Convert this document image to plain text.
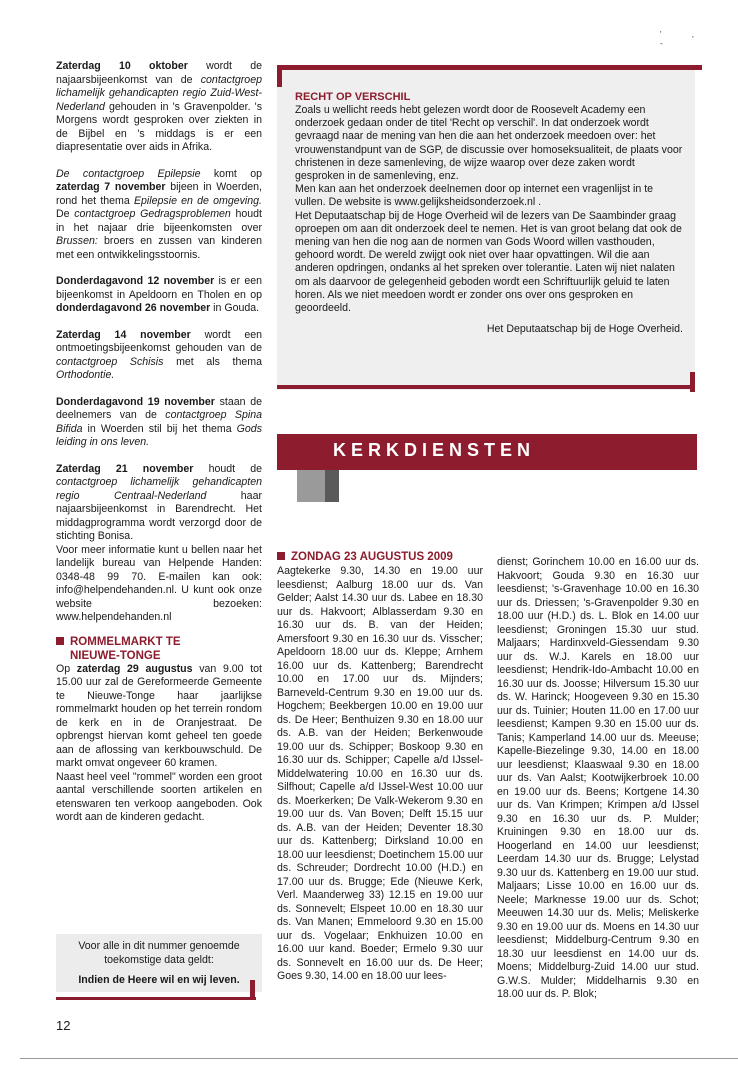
' , -

Zaterdag 10 oktober wordt de najaarsbijeenkomst van de contactgroep lichamelijk gehandicapten regio Zuid-West-Nederland gehouden in 's Gravenpolder. 's Morgens wordt gesproken over ziekten in de Bijbel en 's middags is er een diapresentatie over aids in Afrika.

De contactgroep Epilepsie komt op zaterdag 7 november bijeen in Woerden, rond het thema Epilepsie en de omgeving. De contactgroep Gedragsproblemen houdt in het najaar drie bijeenkomsten over Brussen: broers en zussen van kinderen met een ontwikkelingsstoornis.

Donderdagavond 12 november is er een bijeenkomst in Apeldoorn en Tholen en op donderdagavond 26 november in Gouda.

Zaterdag 14 november wordt een ontmoetingsbijeenkomst gehouden van de contactgroep Schisis met als thema Orthodontie.

Donderdagavond 19 november staan de deelnemers van de contactgroep Spina Bifida in Woerden stil bij het thema Gods leiding in ons leven.

Zaterdag 21 november houdt de contactgroep lichamelijk gehandicapten regio Centraal-Nederland haar najaarsbijeenkomst in Barendrecht. Het middagprogramma wordt verzorgd door de stichting Bonisa.
Voor meer informatie kunt u bellen naar het landelijk bureau van Helpende Handen: 0348-48 99 70. E-mailen kan ook: info@helpendehanden.nl. U kunt ook onze website bezoeken: www.helpendehanden.nl

ROMMELMARKT TE
NIEUWE-TONGE

Op zaterdag 29 augustus van 9.00 tot 15.00 uur zal de Gereformeerde Gemeente te Nieuwe-Tonge haar jaarlijkse rommelmarkt houden op het terrein rondom de kerk en in de Oranjestraat. De opbrengst hiervan komt geheel ten goede aan de aflossing van kerkbouwschuld. De markt omvat ongeveer 60 kramen.
Naast heel veel "rommel" worden een groot aantal verschillende soorten artikelen en etenswaren ten verkoop aangeboden. Ook wordt aan de kinderen gedacht.

Voor alle in dit nummer genoemde
toekomstige data geldt:
Indien de Heere wil en wij leven.
RECHT OP VERSCHIL

Zoals u wellicht reeds hebt gelezen wordt door de Roosevelt Academy een onderzoek gedaan onder de titel 'Recht op verschil'. In dat onderzoek wordt gevraagd naar de mening van hen die aan het onderzoek meedoen over: het vrouwenstandpunt van de SGP, de discussie over homoseksualiteit, de plaats voor christenen in deze samenleving, de wijze waarop over deze zaken wordt gesproken in de samenleving, enz.

Men kan aan het onderzoek deelnemen door op internet een vragenlijst in te vullen. De website is www.gelijksheidsonderzoek.nl .

Het Deputaatschap bij de Hoge Overheid wil de lezers van De Saambinder graag oproepen om aan dit onderzoek deel te nemen. Het is van groot belang dat ook de mening van hen die nog aan de normen van Gods Woord willen vasthouden, gehoord wordt. De wereld zwijgt ook niet over haar opvattingen. Wil die aan anderen opdringen, ondanks al het spreken over tolerantie. Laten wij niet nalaten om als daarvoor de gelegenheid geboden wordt een Schriftuurlijk geluid te laten horen. Als we niet meedoen wordt er zonder ons over ons gesproken en geoordeeld.

Het Deputaatschap bij de Hoge Overheid.

KERKDIENSTEN
ZONDAG 23 AUGUSTUS 2009

Aagtekerke 9.30, 14.30 en 19.00 uur leesdienst; Aalburg 18.00 uur ds. Van Gelder; Aalst 14.30 uur ds. Labee en 18.30 uur ds. Hakvoort; Alblasserdam 9.30 en 16.30 uur ds. B. van der Heiden; Amersfoort 9.30 en 16.30 uur ds. Visscher; Apeldoorn 18.00 uur ds. Kleppe; Arnhem 16.00 uur ds. Kattenberg; Barendrecht 10.00 en 17.00 uur ds. Mijnders; Barneveld-Centrum 9.30 en 19.00 uur ds. Hogchem; Beekbergen 10.00 en 19.00 uur ds. De Heer; Benthuizen 9.30 en 18.00 uur ds. A.B. van der Heiden; Berkenwoude 19.00 uur ds. Schipper; Boskoop 9.30 en 16.30 uur ds. Schipper; Capelle a/d IJssel-Middelwatering 10.00 en 16.30 uur ds. Silfhout; Capelle a/d IJssel-West 10.00 uur ds. Moerkerken; De Valk-Wekerom 9.30 en 19.00 uur ds. Van Boven; Delft 15.15 uur ds. A.B. van der Heiden; Deventer 18.30 uur ds. Kattenberg; Dirksland 10.00 en 18.00 uur leesdienst; Doetinchem 15.00 uur ds. Schreuder; Dordrecht 10.00 (H.D.) en 17.00 uur ds. Brugge; Ede (Nieuwe Kerk, Verl. Maanderweg 33) 12.15 en 19.00 uur ds. Sonnevelt; Elspeet 10.00 en 18.30 uur ds. Van Manen; Emmeloord 9.30 en 15.00 uur ds. Vogelaar; Enkhuizen 10.00 en 16.00 uur kand. Boeder; Ermelo 9.30 uur ds. Sonnevelt en 16.00 uur ds. De Heer; Goes 9.30, 14.00 en 18.00 uur lees-

dienst; Gorinchem 10.00 en 16.00 uur ds. Hakvoort; Gouda 9.30 en 16.30 uur leesdienst; 's-Gravenhage 10.00 en 16.30 uur ds. Driessen; 's-Gravenpolder 9.30 en 18.00 uur (H.D.) ds. L. Blok en 14.00 uur leesdienst; Groningen 15.30 uur stud. Maljaars; Hardinxveld-Giessendam 9.30 uur ds. W.J. Karels en 18.00 uur leesdienst; Hendrik-Ido-Ambacht 10.00 en 16.30 uur ds. Joosse; Hilversum 15.30 uur ds. W. Harinck; Hoogeveen 9.30 en 15.30 uur ds. Tuinier; Houten 11.00 en 17.00 uur leesdienst; Kampen 9.30 en 15.00 uur ds. Tanis; Kamperland 14.00 uur ds. Meeuse; Kapelle-Biezelinge 9.30, 14.00 en 18.00 uur leesdienst; Klaaswaal 9.30 en 18.00 uur ds. Van Aalst; Kootwijkerbroek 10.00 en 19.00 uur ds. Beens; Kortgene 14.30 uur ds. Van Krimpen; Krimpen a/d IJssel 9.30 en 16.30 uur ds. P. Mulder; Kruiningen 9.30 en 18.00 uur ds. Hoogerland en 14.00 uur leesdienst; Leerdam 14.30 uur ds. Brugge; Lelystad 9.30 uur ds. Kattenberg en 19.00 uur stud. Maljaars; Lisse 10.00 en 16.00 uur ds. Neele; Marknesse 19.00 uur ds. Schot; Meeuwen 14.30 uur ds. Melis; Meliskerke 9.30 en 19.00 uur ds. Moens en 14.30 uur leesdienst; Middelburg-Centrum 9.30 en 18.30 uur leesdienst en 14.00 uur ds. Moens; Middelburg-Zuid 14.00 uur stud. G.W.S. Mulder; Middelharnis 9.30 en 18.00 uur ds. P. Blok;

12
